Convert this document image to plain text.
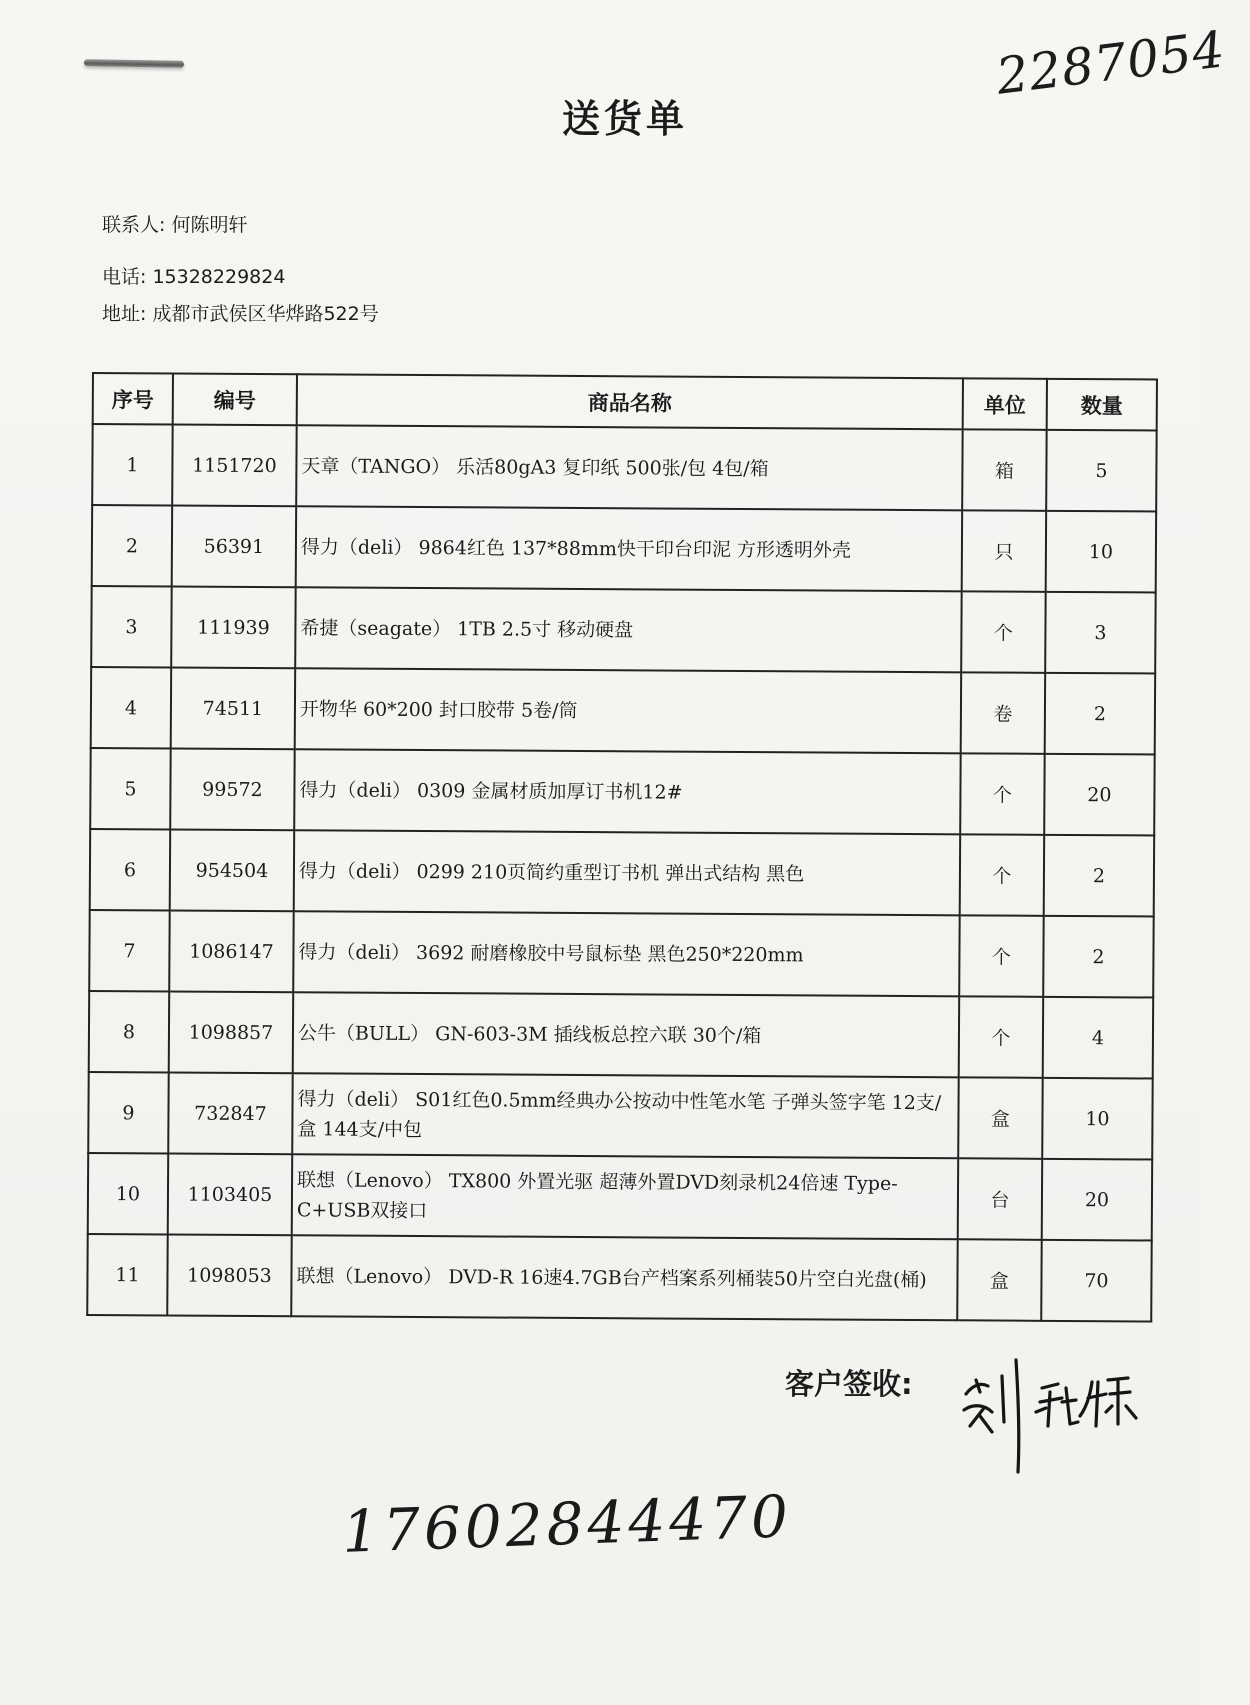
2287054
送货单
联系人: 何陈明轩
电话: 15328229824
地址: 成都市武侯区华烨路522号
序号	编号	商品名称	单位	数量
1	1151720	天章（TANGO） 乐活80gA3 复印纸 500张/包 4包/箱	箱	5
2	56391	得力（deli） 9864红色 137*88mm快干印台印泥 方形透明外壳	只	10
3	111939	希捷（seagate） 1TB 2.5寸 移动硬盘	个	3
4	74511	开物华 60*200 封口胶带 5卷/筒	卷	2
5	99572	得力（deli） 0309 金属材质加厚订书机12#	个	20
6	954504	得力（deli） 0299 210页简约重型订书机 弹出式结构 黑色	个	2
7	1086147	得力（deli） 3692 耐磨橡胶中号鼠标垫 黑色250*220mm	个	2
8	1098857	公牛（BULL） GN-603-3M 插线板总控六联 30个/箱	个	4
9	732847	得力（deli） S01红色0.5mm经典办公按动中性笔水笔 子弹头签字笔 12支/盒 144支/中包	盒	10
10	1103405	联想（Lenovo） TX800 外置光驱 超薄外置DVD刻录机24倍速 Type-C+USB双接口	台	20
11	1098053	联想（Lenovo） DVD-R 16速4.7GB台产档案系列桶装50片空白光盘(桶)	盒	70
客户签收:
17602844470
